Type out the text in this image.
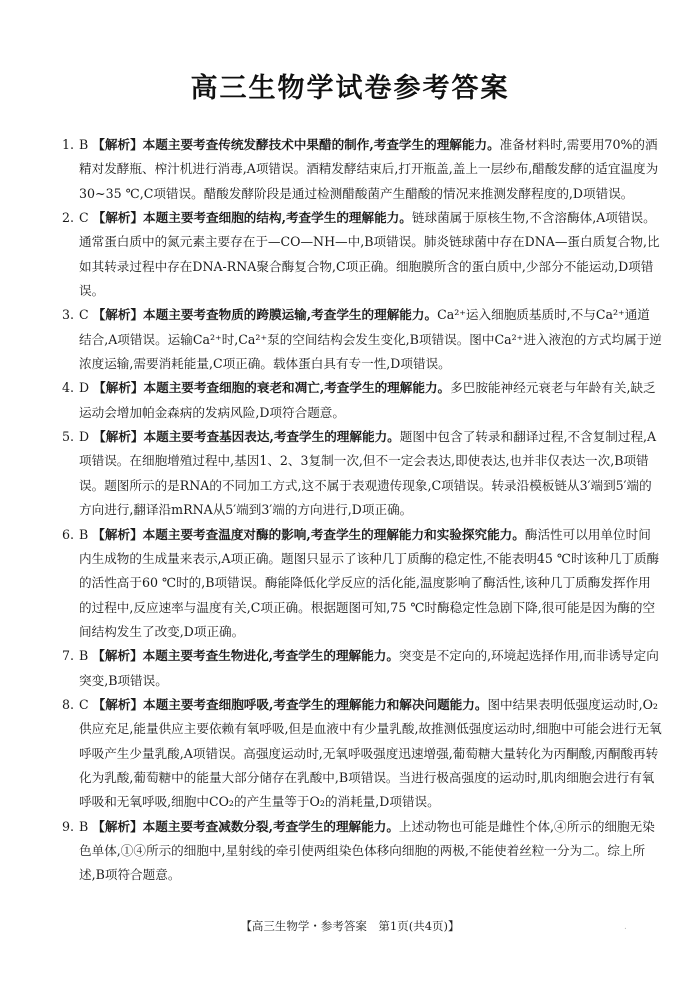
高三生物学试卷参考答案
1. B 【解析】本题主要考查传统发酵技术中果醋的制作,考查学生的理解能力。准备材料时,需要用70%的酒精对发酵瓶、榨汁机进行消毒,A项错误。酒精发酵结束后,打开瓶盖,盖上一层纱布,醋酸发酵的适宜温度为30~35 ℃,C项错误。醋酸发酵阶段是通过检测醋酸菌产生醋酸的情况来推测发酵程度的,D项错误。
2. C 【解析】本题主要考查细胞的结构,考查学生的理解能力。链球菌属于原核生物,不含溶酶体,A项错误。通常蛋白质中的氮元素主要存在于—CO—NH—中,B项错误。肺炎链球菌中存在DNA—蛋白质复合物,比如其转录过程中存在DNA-RNA聚合酶复合物,C项正确。细胞膜所含的蛋白质中,少部分不能运动,D项错误。
3. C 【解析】本题主要考查物质的跨膜运输,考查学生的理解能力。Ca²⁺运入细胞质基质时,不与Ca²⁺通道结合,A项错误。运输Ca²⁺时,Ca²⁺泵的空间结构会发生变化,B项错误。图中Ca²⁺进入液泡的方式均属于逆浓度运输,需要消耗能量,C项正确。载体蛋白具有专一性,D项错误。
4. D 【解析】本题主要考查细胞的衰老和凋亡,考查学生的理解能力。多巴胺能神经元衰老与年龄有关,缺乏运动会增加帕金森病的发病风险,D项符合题意。
5. D 【解析】本题主要考查基因表达,考查学生的理解能力。题图中包含了转录和翻译过程,不含复制过程,A项错误。在细胞增殖过程中,基因1、2、3复制一次,但不一定会表达,即使表达,也并非仅表达一次,B项错误。题图所示的是RNA的不同加工方式,这不属于表观遗传现象,C项错误。转录沿模板链从3′端到5′端的方向进行,翻译沿mRNA从5′端到3′端的方向进行,D项正确。
6. B 【解析】本题主要考查温度对酶的影响,考查学生的理解能力和实验探究能力。酶活性可以用单位时间内生成物的生成量来表示,A项正确。题图只显示了该种几丁质酶的稳定性,不能表明45 ℃时该种几丁质酶的活性高于60 ℃时的,B项错误。酶能降低化学反应的活化能,温度影响了酶活性,该种几丁质酶发挥作用的过程中,反应速率与温度有关,C项正确。根据题图可知,75 ℃时酶稳定性急剧下降,很可能是因为酶的空间结构发生了改变,D项正确。
7. B 【解析】本题主要考查生物进化,考查学生的理解能力。突变是不定向的,环境起选择作用,而非诱导定向突变,B项错误。
8. C 【解析】本题主要考查细胞呼吸,考查学生的理解能力和解决问题能力。图中结果表明低强度运动时,O₂供应充足,能量供应主要依赖有氧呼吸,但是血液中有少量乳酸,故推测低强度运动时,细胞中可能会进行无氧呼吸产生少量乳酸,A项错误。高强度运动时,无氧呼吸强度迅速增强,葡萄糖大量转化为丙酮酸,丙酮酸再转化为乳酸,葡萄糖中的能量大部分储存在乳酸中,B项错误。当进行极高强度的运动时,肌肉细胞会进行有氧呼吸和无氧呼吸,细胞中CO₂的产生量等于O₂的消耗量,D项错误。
9. B 【解析】本题主要考查减数分裂,考查学生的理解能力。上述动物也可能是雌性个体,④所示的细胞无染色单体,①④所示的细胞中,星射线的牵引使两组染色体移向细胞的两极,不能使着丝粒一分为二。综上所述,B项符合题意。
【高三生物学・参考答案　第1页(共4页)】	.
